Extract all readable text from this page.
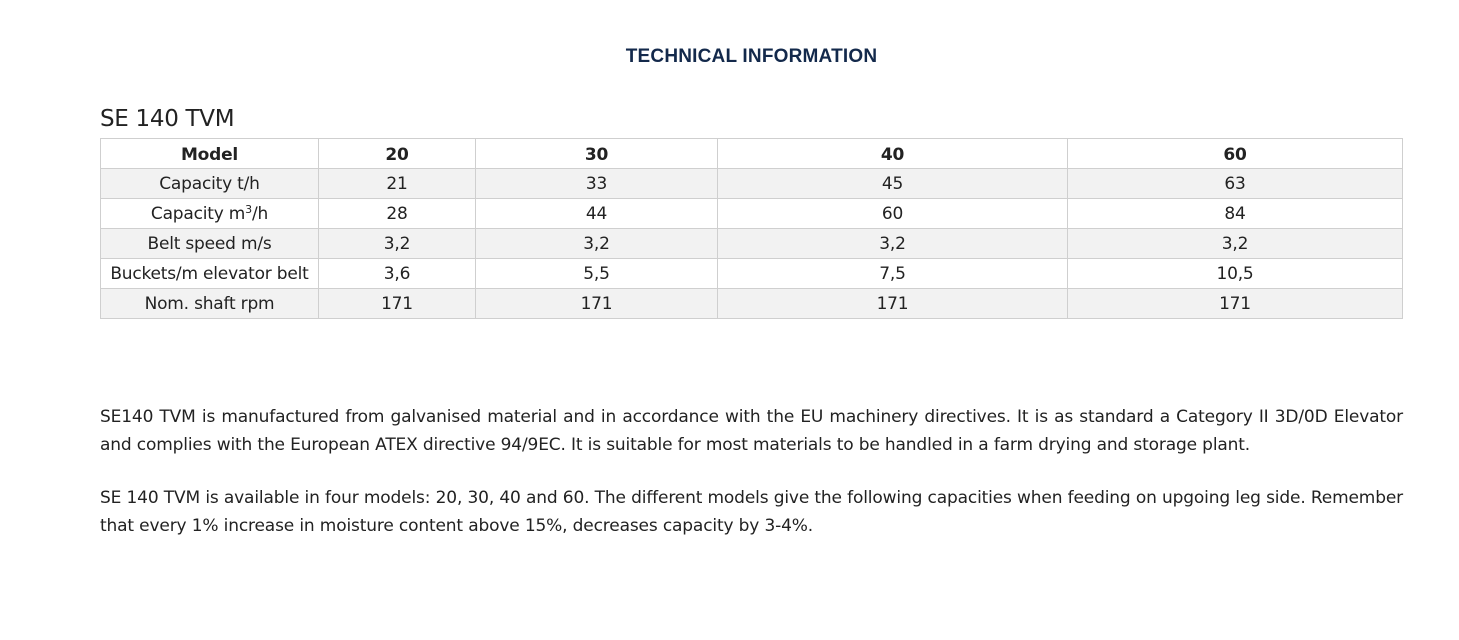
TECHNICAL INFORMATION
SE 140 TVM
Model	20	30	40	60
Capacity t/h	21	33	45	63
Capacity $m^3/h$	28	44	60	84
Belt speed m/s	3,2	3,2	3,2	3,2
Buckets/m elevator belt	3,6	5,5	7,5	10,5
Nom. shaft rpm	171	171	171	171

SE140 TVM is manufactured from galvanised material and in accordance with the EU machinery directives. It is as standard a Category II 3D/0D Elevator and complies with the European ATEX directive 94/9EC. It is suitable for most materials to be handled in a farm drying and storage plant.

SE 140 TVM is available in four models: 20, 30, 40 and 60. The different models give the following capacities when feeding on upgoing leg side. Remember that every 1% increase in moisture content above 15%, decreases capacity by 3-4%.
